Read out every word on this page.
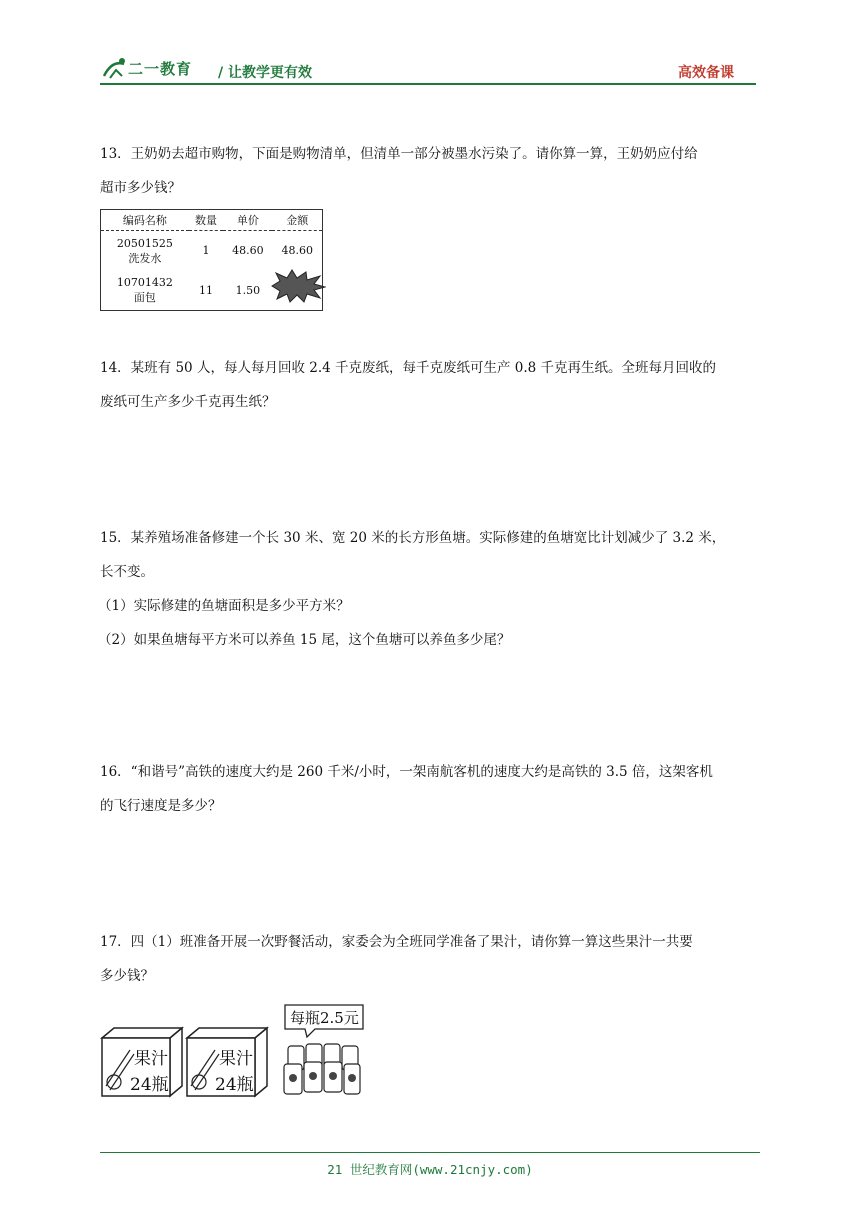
二一教育 / 让教学更有效	高效备课

13．王奶奶去超市购物，下面是购物清单，但清单一部分被墨水污染了。请你算一算，王奶奶应付给

超市多少钱？

编码名称	数量	单价	金额

20501525
洗发水	1	48.60	48.60

10701432
面包	11	1.50	

14．某班有 50 人，每人每月回收 2.4 千克废纸，每千克废纸可生产 0.8 千克再生纸。全班每月回收的

废纸可生产多少千克再生纸？

15．某养殖场准备修建一个长 30 米、宽 20 米的长方形鱼塘。实际修建的鱼塘宽比计划减少了 3.2 米，

长不变。

（1）实际修建的鱼塘面积是多少平方米？

（2）如果鱼塘每平方米可以养鱼 15 尾，这个鱼塘可以养鱼多少尾？

16．“和谐号”高铁的速度大约是 260 千米/小时，一架南航客机的速度大约是高铁的 3.5 倍，这架客机

的飞行速度是多少？

17．四（1）班准备开展一次野餐活动，家委会为全班同学准备了果汁，请你算一算这些果汁一共要

多少钱？

果汁
24瓶
果汁
24瓶
每瓶2.5元
21 世纪教育网(www.21cnjy.com)
